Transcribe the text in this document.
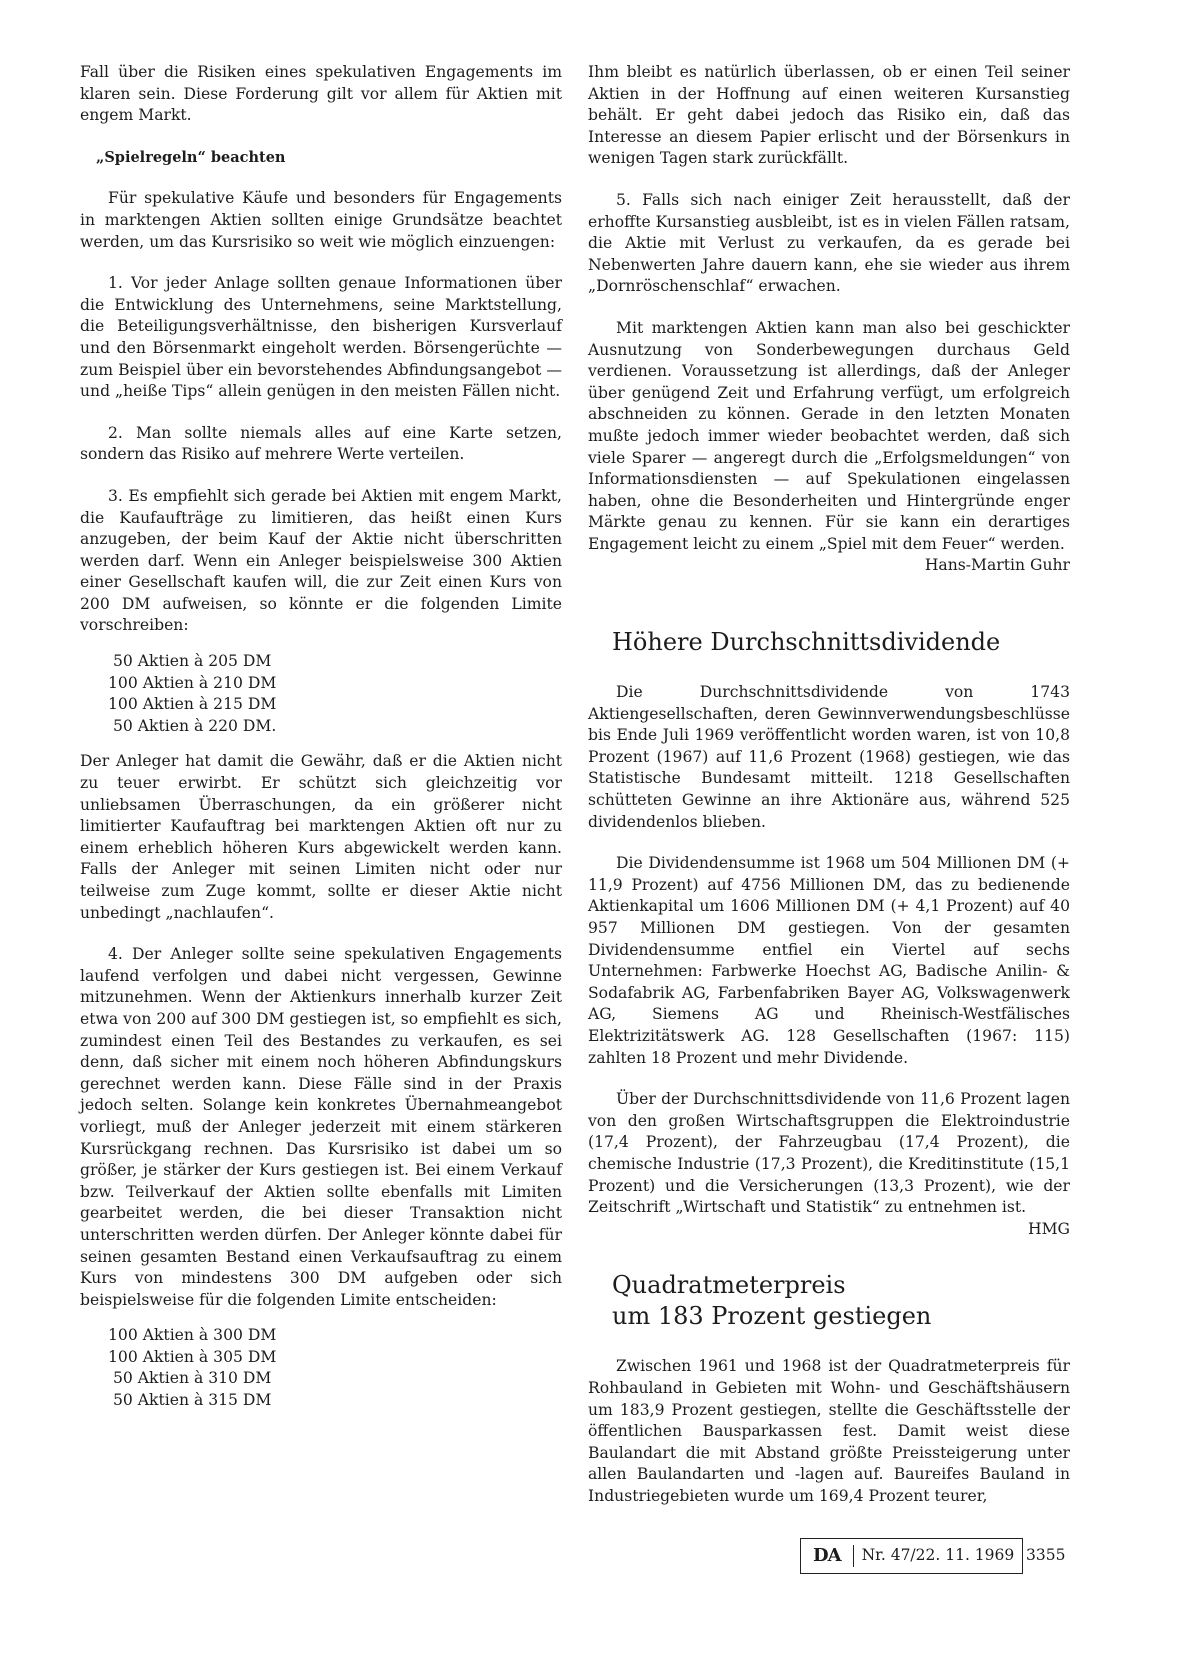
Fall über die Risiken eines spekulativen Engagements im klaren sein. Diese Forderung gilt vor allem für Aktien mit engem Markt.

„Spielregeln“ beachten

Für spekulative Käufe und besonders für Engagements in marktengen Aktien sollten einige Grundsätze beachtet werden, um das Kursrisiko so weit wie möglich einzuengen:

1. Vor jeder Anlage sollten genaue Informationen über die Entwicklung des Unternehmens, seine Marktstellung, die Beteiligungsverhältnisse, den bisherigen Kursverlauf und den Börsenmarkt eingeholt werden. Börsengerüchte — zum Beispiel über ein bevorstehendes Abfindungsangebot — und „heiße Tips“ allein genügen in den meisten Fällen nicht.

2. Man sollte niemals alles auf eine Karte setzen, sondern das Risiko auf mehrere Werte verteilen.

3. Es empfiehlt sich gerade bei Aktien mit engem Markt, die Kaufaufträge zu limitieren, das heißt einen Kurs anzugeben, der beim Kauf der Aktie nicht überschritten werden darf. Wenn ein Anleger beispielsweise 300 Aktien einer Gesellschaft kaufen will, die zur Zeit einen Kurs von 200 DM aufweisen, so könnte er die folgenden Limite vorschreiben:

50 Aktien à 205 DM
100 Aktien à 210 DM
100 Aktien à 215 DM
50 Aktien à 220 DM.

Der Anleger hat damit die Gewähr, daß er die Aktien nicht zu teuer erwirbt. Er schützt sich gleichzeitig vor unliebsamen Überraschungen, da ein größerer nicht limitierter Kaufauftrag bei marktengen Aktien oft nur zu einem erheblich höheren Kurs abgewickelt werden kann. Falls der Anleger mit seinen Limiten nicht oder nur teilweise zum Zuge kommt, sollte er dieser Aktie nicht unbedingt „nachlaufen“.

4. Der Anleger sollte seine spekulativen Engagements laufend verfolgen und dabei nicht vergessen, Gewinne mitzunehmen. Wenn der Aktienkurs innerhalb kurzer Zeit etwa von 200 auf 300 DM gestiegen ist, so empfiehlt es sich, zumindest einen Teil des Bestandes zu verkaufen, es sei denn, daß sicher mit einem noch höheren Abfindungskurs gerechnet werden kann. Diese Fälle sind in der Praxis jedoch selten. Solange kein konkretes Übernahmeangebot vorliegt, muß der Anleger jederzeit mit einem stärkeren Kursrückgang rechnen. Das Kursrisiko ist dabei um so größer, je stärker der Kurs gestiegen ist. Bei einem Verkauf bzw. Teilverkauf der Aktien sollte ebenfalls mit Limiten gearbeitet werden, die bei dieser Transaktion nicht unterschritten werden dürfen. Der Anleger könnte dabei für seinen gesamten Bestand einen Verkaufsauftrag zu einem Kurs von mindestens 300 DM aufgeben oder sich beispielsweise für die folgenden Limite entscheiden:

100 Aktien à 300 DM
100 Aktien à 305 DM
50 Aktien à 310 DM
50 Aktien à 315 DM

Ihm bleibt es natürlich überlassen, ob er einen Teil seiner Aktien in der Hoffnung auf einen weiteren Kursanstieg behält. Er geht dabei jedoch das Risiko ein, daß das Interesse an diesem Papier erlischt und der Börsenkurs in wenigen Tagen stark zurückfällt.

5. Falls sich nach einiger Zeit herausstellt, daß der erhoffte Kursanstieg ausbleibt, ist es in vielen Fällen ratsam, die Aktie mit Verlust zu verkaufen, da es gerade bei Nebenwerten Jahre dauern kann, ehe sie wieder aus ihrem „Dornröschenschlaf“ erwachen.

Mit marktengen Aktien kann man also bei geschickter Ausnutzung von Sonderbewegungen durchaus Geld verdienen. Voraussetzung ist allerdings, daß der Anleger über genügend Zeit und Erfahrung verfügt, um erfolgreich abschneiden zu können. Gerade in den letzten Monaten mußte jedoch immer wieder beobachtet werden, daß sich viele Sparer — angeregt durch die „Erfolgsmeldungen“ von Informationsdiensten — auf Spekulationen eingelassen haben, ohne die Besonderheiten und Hintergründe enger Märkte genau zu kennen. Für sie kann ein derartiges Engagement leicht zu einem „Spiel mit dem Feuer“ werden.

Hans-Martin Guhr
Höhere Durchschnittsdividende

Die Durchschnittsdividende von 1743 Aktiengesellschaften, deren Gewinnverwendungsbeschlüsse bis Ende Juli 1969 veröffentlicht worden waren, ist von 10,8 Prozent (1967) auf 11,6 Prozent (1968) gestiegen, wie das Statistische Bundesamt mitteilt. 1218 Gesellschaften schütteten Gewinne an ihre Aktionäre aus, während 525 dividendenlos blieben.

Die Dividendensumme ist 1968 um 504 Millionen DM (+ 11,9 Prozent) auf 4756 Millionen DM, das zu bedienende Aktienkapital um 1606 Millionen DM (+ 4,1 Prozent) auf 40 957 Millionen DM gestiegen. Von der gesamten Dividendensumme entfiel ein Viertel auf sechs Unternehmen: Farbwerke Hoechst AG, Badische Anilin- & Sodafabrik AG, Farbenfabriken Bayer AG, Volkswagenwerk AG, Siemens AG und Rheinisch-Westfälisches Elektrizitätswerk AG. 128 Gesellschaften (1967: 115) zahlten 18 Prozent und mehr Dividende.

Über der Durchschnittsdividende von 11,6 Prozent lagen von den großen Wirtschaftsgruppen die Elektroindustrie (17,4 Prozent), der Fahrzeugbau (17,4 Prozent), die chemische Industrie (17,3 Prozent), die Kreditinstitute (15,1 Prozent) und die Versicherungen (13,3 Prozent), wie der Zeitschrift „Wirtschaft und Statistik“ zu entnehmen ist.

HMG
Quadratmeterpreis
um 183 Prozent gestiegen

Zwischen 1961 und 1968 ist der Quadratmeterpreis für Rohbauland in Gebieten mit Wohn- und Geschäftshäusern um 183,9 Prozent gestiegen, stellte die Geschäftsstelle der öffentlichen Bausparkassen fest. Damit weist diese Baulandart die mit Abstand größte Preissteigerung unter allen Baulandarten und -lagen auf. Baureifes Bauland in Industriegebieten wurde um 169,4 Prozent teurer,

DA	Nr. 47/22. 11. 1969 3355
